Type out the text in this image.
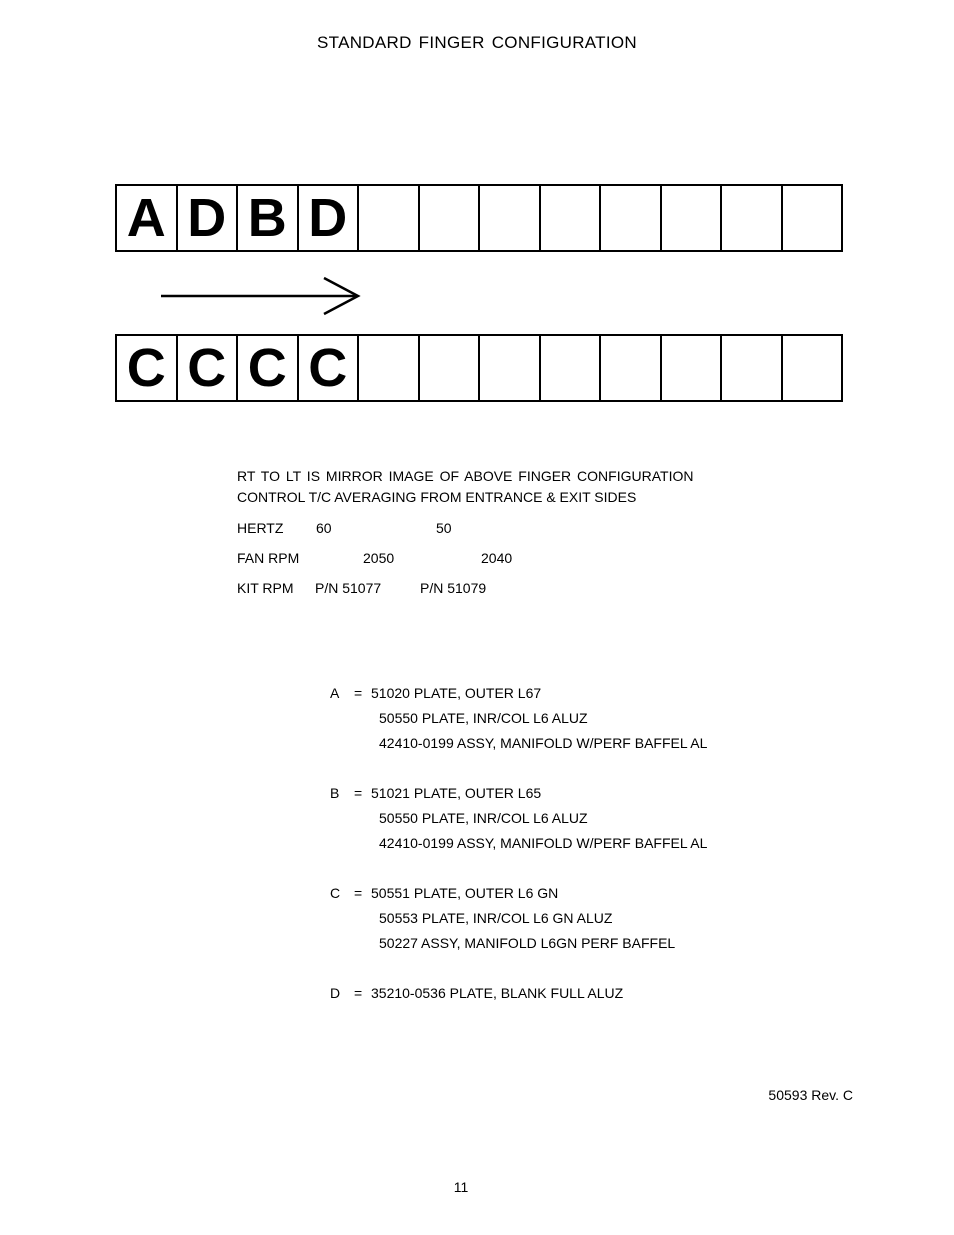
STANDARD FINGER CONFIGURATION
A D B D
C C C C
RT TO LT IS MIRROR IMAGE OF ABOVE FINGER CONFIGURATION
CONTROL T/C AVERAGING FROM ENTRANCE & EXIT SIDES
HERTZ 60	50
FAN RPM	2050	2040
KIT RPM P/N 51077	P/N 51079
A = 51020 PLATE, OUTER L67
50550 PLATE, INR/COL L6 ALUZ
42410-0199 ASSY, MANIFOLD W/PERF BAFFEL AL
B = 51021 PLATE, OUTER L65
50550 PLATE, INR/COL L6 ALUZ
42410-0199 ASSY, MANIFOLD W/PERF BAFFEL AL
C = 50551 PLATE, OUTER L6 GN
50553 PLATE, INR/COL L6 GN ALUZ
50227 ASSY, MANIFOLD L6GN PERF BAFFEL
D = 35210-0536 PLATE, BLANK FULL ALUZ
50593 Rev. C
11
